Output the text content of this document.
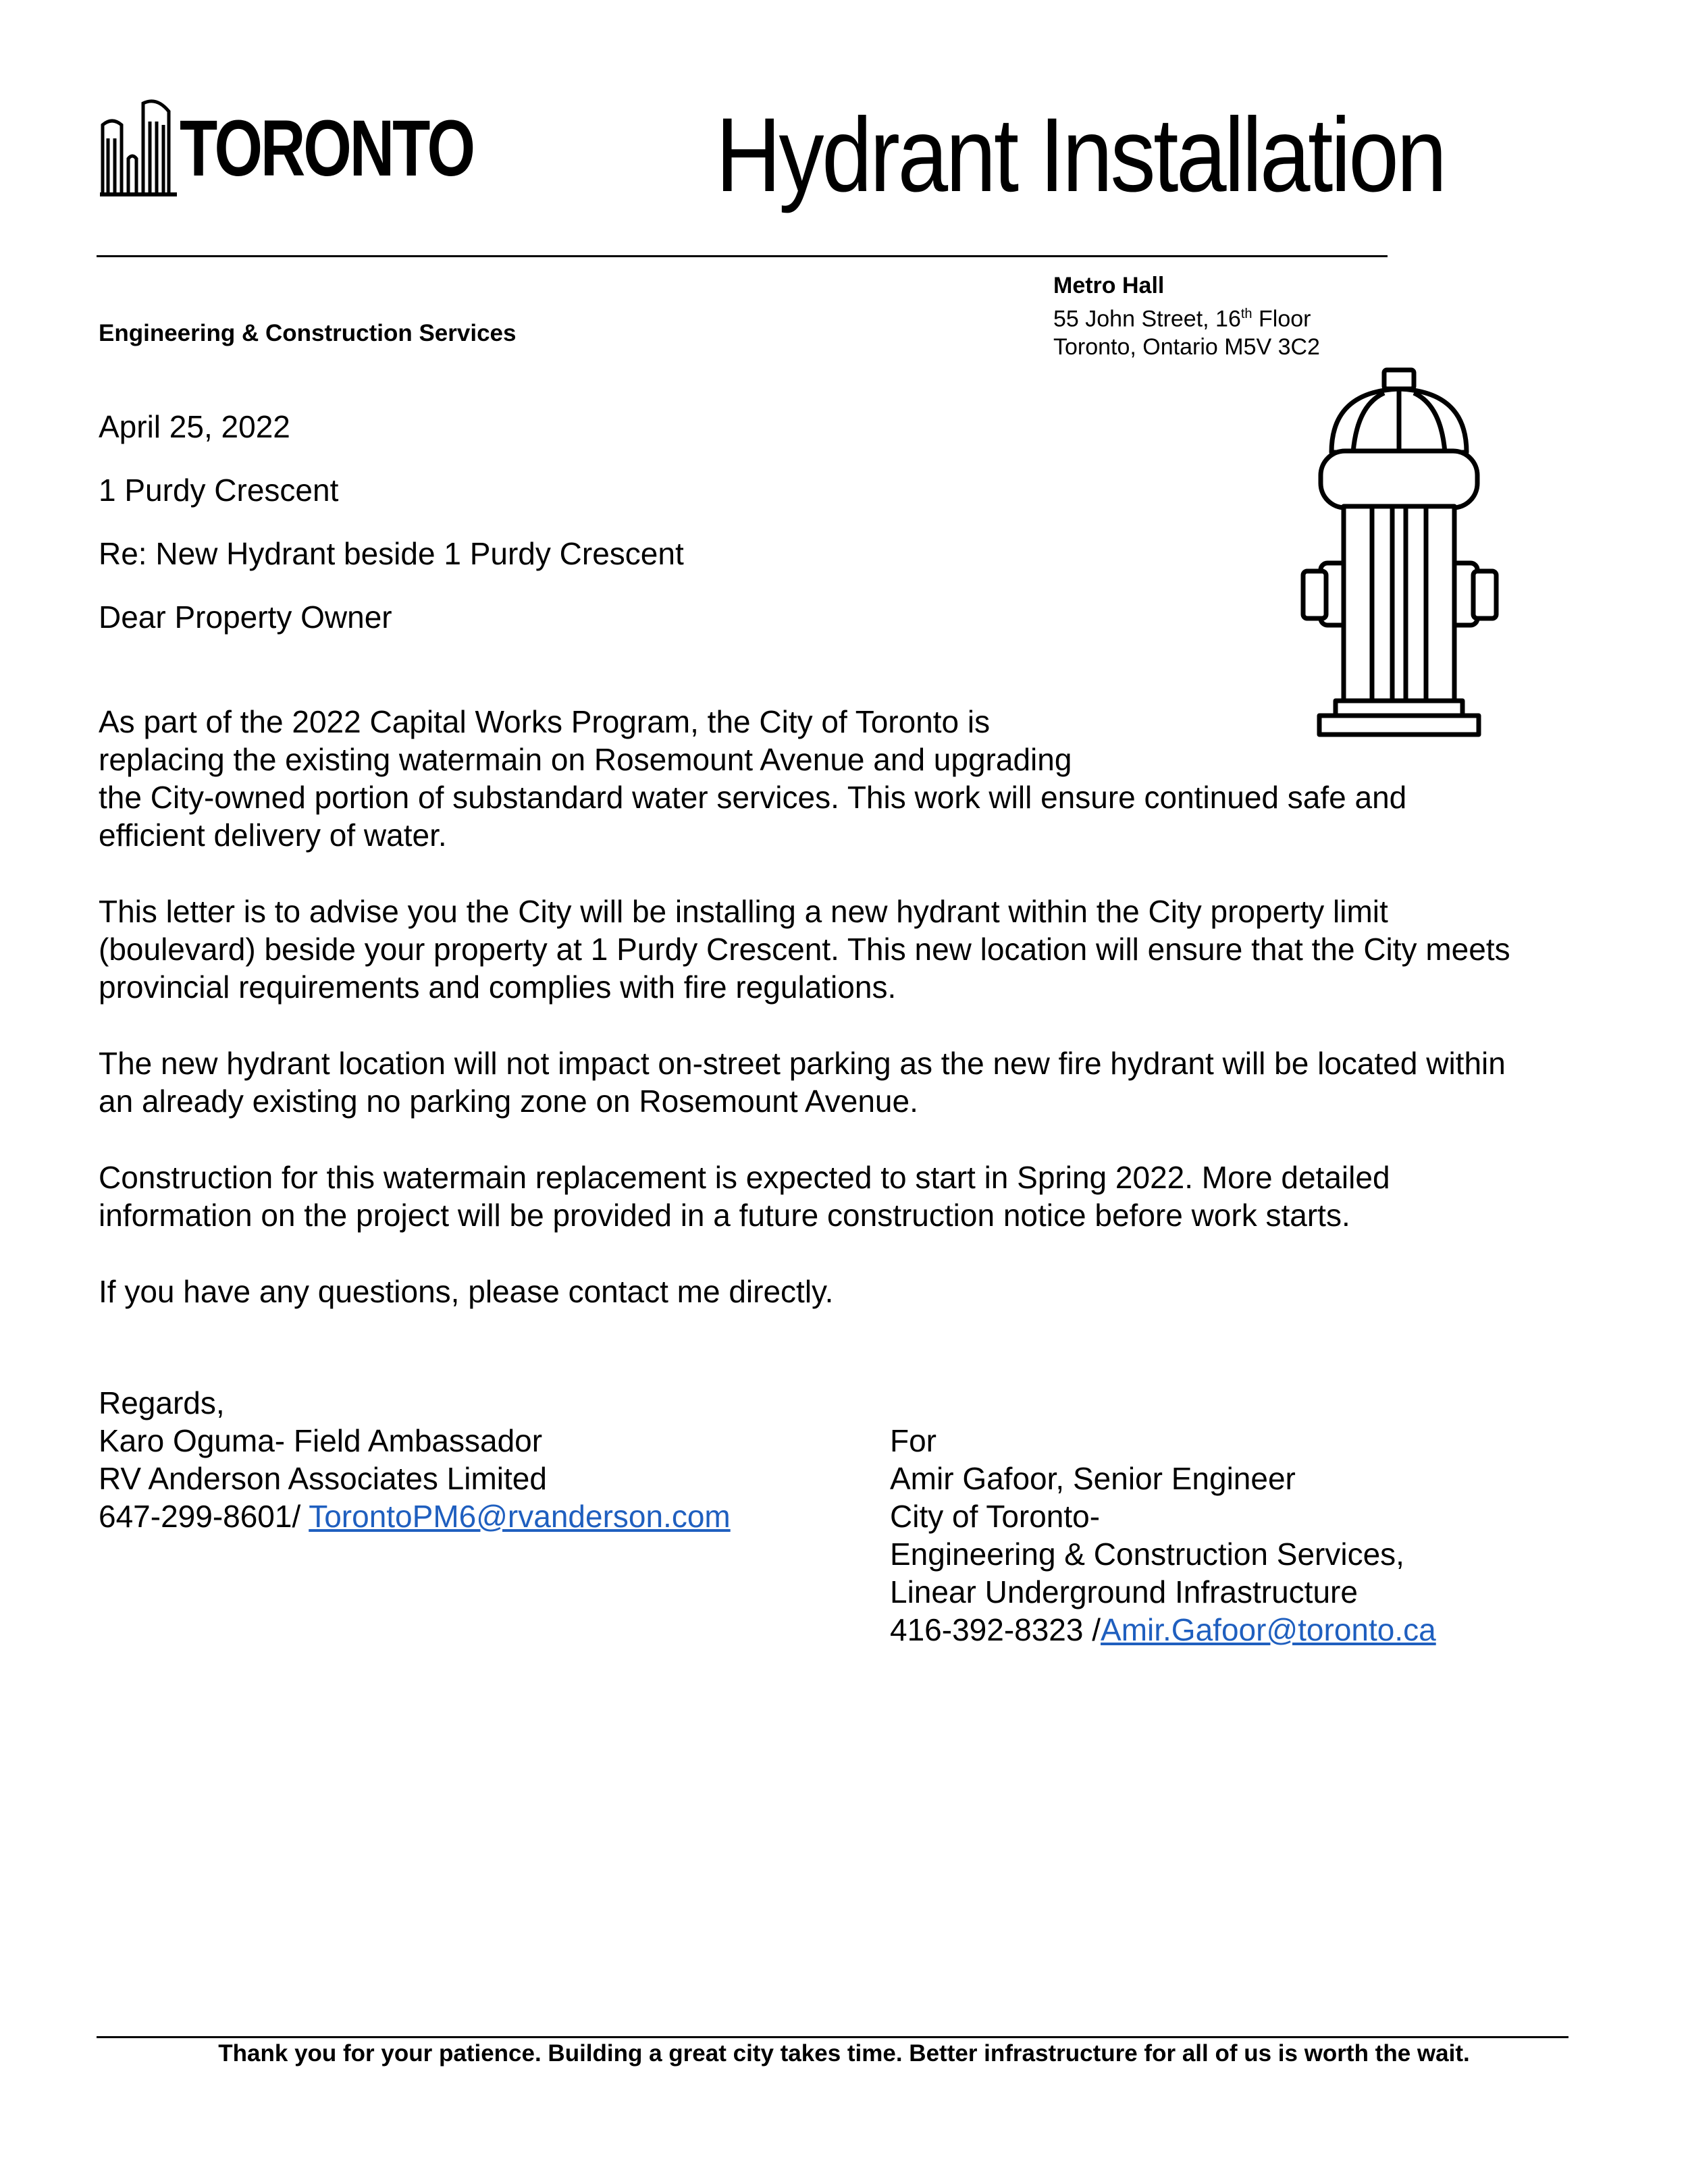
TORONTO Hydrant Installation
Engineering & Construction Services
Metro Hall
55 John Street, 16th Floor
Toronto, Ontario M5V 3C2
April 25, 2022
1 Purdy Crescent
Re: New Hydrant beside 1 Purdy Crescent
Dear Property Owner
As part of the 2022 Capital Works Program, the City of Toronto is
replacing the existing watermain on Rosemount Avenue and upgrading
the City-owned portion of substandard water services. This work will ensure continued safe and
efficient delivery of water.
This letter is to advise you the City will be installing a new hydrant within the City property limit (boulevard) beside your property at 1 Purdy Crescent. This new location will ensure that the City meets provincial requirements and complies with fire regulations.
The new hydrant location will not impact on-street parking as the new fire hydrant will be located within an already existing no parking zone on Rosemount Avenue.
Construction for this watermain replacement is expected to start in Spring 2022. More detailed information on the project will be provided in a future construction notice before work starts.
If you have any questions, please contact me directly.
Regards,
Karo Oguma- Field Ambassador
RV Anderson Associates Limited
647-299-8601/ TorontoPM6@rvanderson.com
For
Amir Gafoor, Senior Engineer
City of Toronto-
Engineering & Construction Services,
Linear Underground Infrastructure
416-392-8323 /Amir.Gafoor@toronto.ca
Thank you for your patience. Building a great city takes time. Better infrastructure for all of us is worth the wait.
